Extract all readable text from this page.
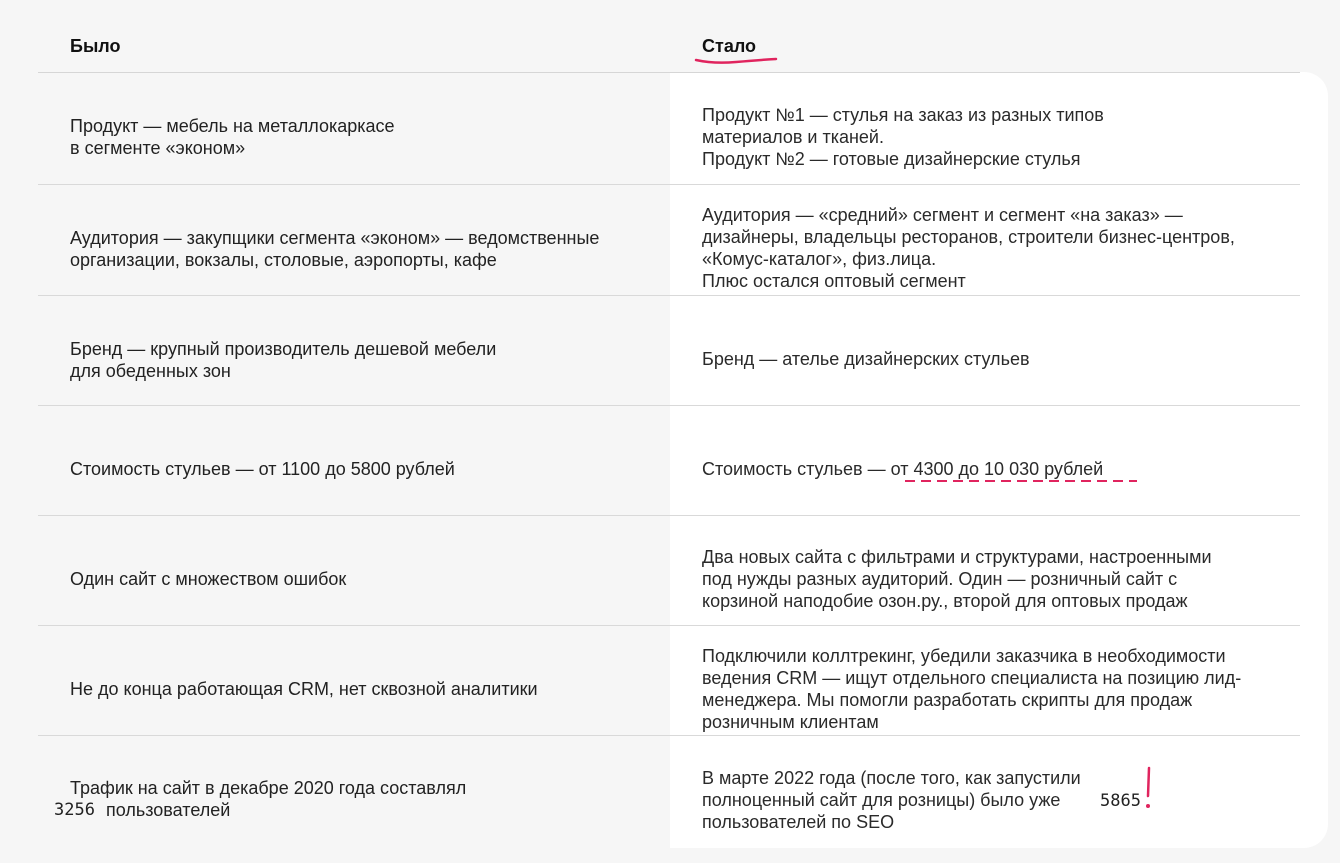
Было	Стало
Продукт — мебель на металлокаркасе
в сегменте «эконом»
Продукт №1 — стулья на заказ из разных типов
материалов и тканей.
Продукт №2 — готовые дизайнерские стулья
Аудитория — закупщики сегмента «эконом» — ведомственные
организации, вокзалы, столовые, аэропорты, кафе
Аудитория — «средний» сегмент и сегмент «на заказ» —
дизайнеры, владельцы ресторанов, строители бизнес-центров,
«Комус-каталог», физ.лица.
Плюс остался оптовый сегмент
Бренд — крупный производитель дешевой мебели
для обеденных зон
Бренд — ателье дизайнерских стульев
Стоимость стульев — от 1100 до 5800 рублей	Стоимость стульев — от 4300 до 10 030 рублей
Один сайт с множеством ошибок
Два новых сайта с фильтрами и структурами, настроенными
под нужды разных аудиторий. Один — розничный сайт с
корзиной наподобие озон.ру., второй для оптовых продаж
Не до конца работающая CRM, нет сквозной аналитики
Подключили коллтрекинг, убедили заказчика в необходимости
ведения CRM — ищут отдельного специалиста на позицию лид-
менеджера. Мы помогли разработать скрипты для продаж
розничным клиентам
Трафик на сайт в декабре 2020 года составлял
3256 пользователей
В марте 2022 года (после того, как запустили
полноценный сайт для розницы) было уже 5865
пользователей по SEO
